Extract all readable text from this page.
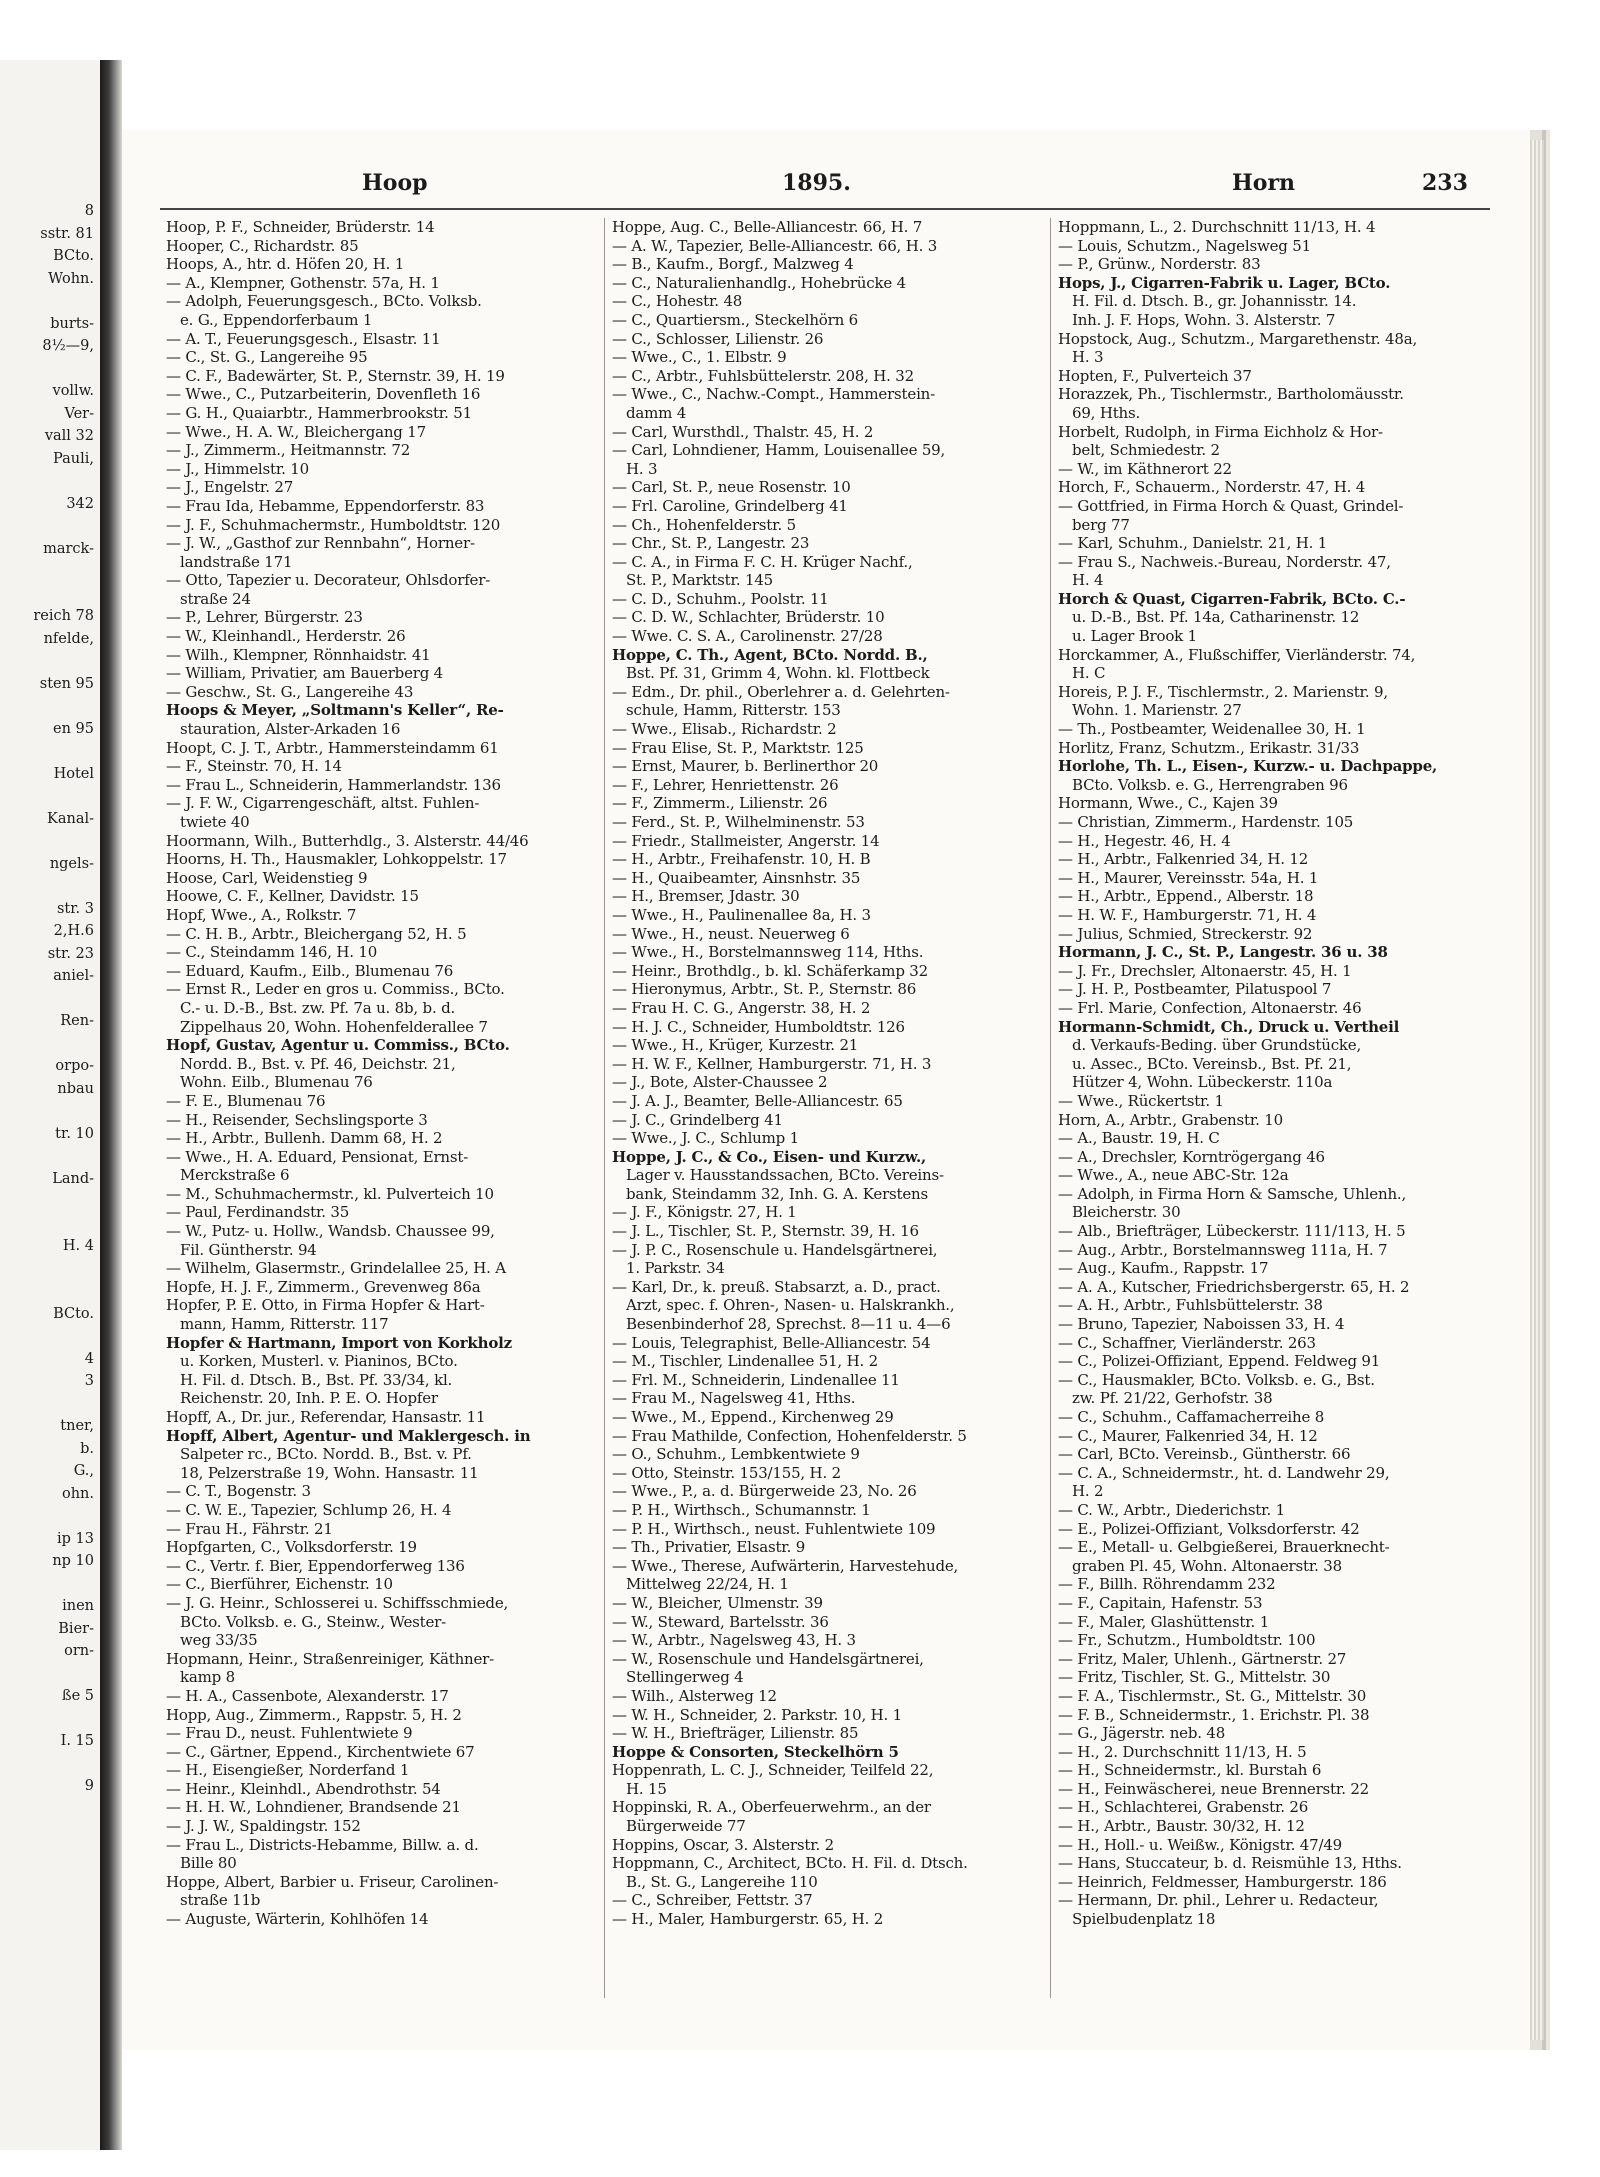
8
sstr. 81
BCto.
Wohn.
burts-
8½—9,
vollw.
Ver-
vall 32
Pauli,
342
marck-
reich 78
nfelde,
sten 95
en 95
Hotel
Kanal-
ngels-
str. 3
2,H.6
str. 23
aniel-
Ren-
orpo-
nbau
tr. 10
Land-
H. 4
BCto.
4
3
tner,
b.
G.,
ohn.
ip 13
np 10
inen
Bier-
orn-
ße 5
I. 15
9
Hoop	1895.	Horn	233
Hoop, P. F., Schneider, Brüderstr. 14
Hooper, C., Richardstr. 85
Hoops, A., htr. d. Höfen 20, H. 1
— A., Klempner, Gothenstr. 57a, H. 1
— Adolph, Feuerungsgesch., BCto. Volksb.
e. G., Eppendorferbaum 1
— A. T., Feuerungsgesch., Elsastr. 11
— C., St. G., Langereihe 95
— C. F., Badewärter, St. P., Sternstr. 39, H. 19
— Wwe., C., Putzarbeiterin, Dovenfleth 16
— G. H., Quaiarbtr., Hammerbrookstr. 51
— Wwe., H. A. W., Bleichergang 17
— J., Zimmerm., Heitmannstr. 72
— J., Himmelstr. 10
— J., Engelstr. 27
— Frau Ida, Hebamme, Eppendorferstr. 83
— J. F., Schuhmachermstr., Humboldtstr. 120
— J. W., „Gasthof zur Rennbahn“, Horner-
landstraße 171
— Otto, Tapezier u. Decorateur, Ohlsdorfer-
straße 24
— P., Lehrer, Bürgerstr. 23
— W., Kleinhandl., Herderstr. 26
— Wilh., Klempner, Rönnhaidstr. 41
— William, Privatier, am Bauerberg 4
— Geschw., St. G., Langereihe 43
Hoops & Meyer, „Soltmann's Keller“, Re-
stauration, Alster-Arkaden 16
Hoopt, C. J. T., Arbtr., Hammersteindamm 61
— F., Steinstr. 70, H. 14
— Frau L., Schneiderin, Hammerlandstr. 136
— J. F. W., Cigarrengeschäft, altst. Fuhlen-
twiete 40
Hoormann, Wilh., Butterhdlg., 3. Alsterstr. 44/46
Hoorns, H. Th., Hausmakler, Lohkoppelstr. 17
Hoose, Carl, Weidenstieg 9
Hoowe, C. F., Kellner, Davidstr. 15
Hopf, Wwe., A., Rolkstr. 7
— C. H. B., Arbtr., Bleichergang 52, H. 5
— C., Steindamm 146, H. 10
— Eduard, Kaufm., Eilb., Blumenau 76
— Ernst R., Leder en gros u. Commiss., BCto.
C.- u. D.-B., Bst. zw. Pf. 7a u. 8b, b. d.
Zippelhaus 20, Wohn. Hohenfelderallee 7
Hopf, Gustav, Agentur u. Commiss., BCto.
Nordd. B., Bst. v. Pf. 46, Deichstr. 21,
Wohn. Eilb., Blumenau 76
— F. E., Blumenau 76
— H., Reisender, Sechslingsporte 3
— H., Arbtr., Bullenh. Damm 68, H. 2
— Wwe., H. A. Eduard, Pensionat, Ernst-
Merckstraße 6
— M., Schuhmachermstr., kl. Pulverteich 10
— Paul, Ferdinandstr. 35
— W., Putz- u. Hollw., Wandsb. Chaussee 99,
Fil. Güntherstr. 94
— Wilhelm, Glasermstr., Grindelallee 25, H. A
Hopfe, H. J. F., Zimmerm., Grevenweg 86a
Hopfer, P. E. Otto, in Firma Hopfer & Hart-
mann, Hamm, Ritterstr. 117
Hopfer & Hartmann, Import von Korkholz
u. Korken, Musterl. v. Pianinos, BCto.
H. Fil. d. Dtsch. B., Bst. Pf. 33/34, kl.
Reichenstr. 20, Inh. P. E. O. Hopfer
Hopff, A., Dr. jur., Referendar, Hansastr. 11
Hopff, Albert, Agentur- und Maklergesch. in
Salpeter rc., BCto. Nordd. B., Bst. v. Pf.
18, Pelzerstraße 19, Wohn. Hansastr. 11
— C. T., Bogenstr. 3
— C. W. E., Tapezier, Schlump 26, H. 4
— Frau H., Fährstr. 21
Hopfgarten, C., Volksdorferstr. 19
— C., Vertr. f. Bier, Eppendorferweg 136
— C., Bierführer, Eichenstr. 10
— J. G. Heinr., Schlosserei u. Schiffsschmiede,
BCto. Volksb. e. G., Steinw., Wester-
weg 33/35
Hopmann, Heinr., Straßenreiniger, Käthner-
kamp 8
— H. A., Cassenbote, Alexanderstr. 17
Hopp, Aug., Zimmerm., Rappstr. 5, H. 2
— Frau D., neust. Fuhlentwiete 9
— C., Gärtner, Eppend., Kirchentwiete 67
— H., Eisengießer, Norderfand 1
— Heinr., Kleinhdl., Abendrothstr. 54
— H. H. W., Lohndiener, Brandsende 21
— J. J. W., Spaldingstr. 152
— Frau L., Districts-Hebamme, Billw. a. d.
Bille 80
Hoppe, Albert, Barbier u. Friseur, Carolinen-
straße 11b
— Auguste, Wärterin, Kohlhöfen 14
Hoppe, Aug. C., Belle-Alliancestr. 66, H. 7
— A. W., Tapezier, Belle-Alliancestr. 66, H. 3
— B., Kaufm., Borgf., Malzweg 4
— C., Naturalienhandlg., Hohebrücke 4
— C., Hohestr. 48
— C., Quartiersm., Steckelhörn 6
— C., Schlosser, Lilienstr. 26
— Wwe., C., 1. Elbstr. 9
— C., Arbtr., Fuhlsbüttelerstr. 208, H. 32
— Wwe., C., Nachw.-Compt., Hammerstein-
damm 4
— Carl, Wursthdl., Thalstr. 45, H. 2
— Carl, Lohndiener, Hamm, Louisenallee 59,
H. 3
— Carl, St. P., neue Rosenstr. 10
— Frl. Caroline, Grindelberg 41
— Ch., Hohenfelderstr. 5
— Chr., St. P., Langestr. 23
— C. A., in Firma F. C. H. Krüger Nachf.,
St. P., Marktstr. 145
— C. D., Schuhm., Poolstr. 11
— C. D. W., Schlachter, Brüderstr. 10
— Wwe. C. S. A., Carolinenstr. 27/28
Hoppe, C. Th., Agent, BCto. Nordd. B.,
Bst. Pf. 31, Grimm 4, Wohn. kl. Flottbeck
— Edm., Dr. phil., Oberlehrer a. d. Gelehrten-
schule, Hamm, Ritterstr. 153
— Wwe., Elisab., Richardstr. 2
— Frau Elise, St. P., Marktstr. 125
— Ernst, Maurer, b. Berlinerthor 20
— F., Lehrer, Henriettenstr. 26
— F., Zimmerm., Lilienstr. 26
— Ferd., St. P., Wilhelminenstr. 53
— Friedr., Stallmeister, Angerstr. 14
— H., Arbtr., Freihafenstr. 10, H. B
— H., Quaibeamter, Ainsnhstr. 35
— H., Bremser, Jdastr. 30
— Wwe., H., Paulinenallee 8a, H. 3
— Wwe., H., neust. Neuerweg 6
— Wwe., H., Borstelmannsweg 114, Hths.
— Heinr., Brothdlg., b. kl. Schäferkamp 32
— Hieronymus, Arbtr., St. P., Sternstr. 86
— Frau H. C. G., Angerstr. 38, H. 2
— H. J. C., Schneider, Humboldtstr. 126
— Wwe., H., Krüger, Kurzestr. 21
— H. W. F., Kellner, Hamburgerstr. 71, H. 3
— J., Bote, Alster-Chaussee 2
— J. A. J., Beamter, Belle-Alliancestr. 65
— J. C., Grindelberg 41
— Wwe., J. C., Schlump 1
Hoppe, J. C., & Co., Eisen- und Kurzw.,
Lager v. Hausstandssachen, BCto. Vereins-
bank, Steindamm 32, Inh. G. A. Kerstens
— J. F., Königstr. 27, H. 1
— J. L., Tischler, St. P., Sternstr. 39, H. 16
— J. P. C., Rosenschule u. Handelsgärtnerei,
1. Parkstr. 34
— Karl, Dr., k. preuß. Stabsarzt, a. D., pract.
Arzt, spec. f. Ohren-, Nasen- u. Halskrankh.,
Besenbinderhof 28, Sprechst. 8—11 u. 4—6
— Louis, Telegraphist, Belle-Alliancestr. 54
— M., Tischler, Lindenallee 51, H. 2
— Frl. M., Schneiderin, Lindenallee 11
— Frau M., Nagelsweg 41, Hths.
— Wwe., M., Eppend., Kirchenweg 29
— Frau Mathilde, Confection, Hohenfelderstr. 5
— O., Schuhm., Lembkentwiete 9
— Otto, Steinstr. 153/155, H. 2
— Wwe., P., a. d. Bürgerweide 23, No. 26
— P. H., Wirthsch., Schumannstr. 1
— P. H., Wirthsch., neust. Fuhlentwiete 109
— Th., Privatier, Elsastr. 9
— Wwe., Therese, Aufwärterin, Harvestehude,
Mittelweg 22/24, H. 1
— W., Bleicher, Ulmenstr. 39
— W., Steward, Bartelsstr. 36
— W., Arbtr., Nagelsweg 43, H. 3
— W., Rosenschule und Handelsgärtnerei,
Stellingerweg 4
— Wilh., Alsterweg 12
— W. H., Schneider, 2. Parkstr. 10, H. 1
— W. H., Briefträger, Lilienstr. 85
Hoppe & Consorten, Steckelhörn 5
Hoppenrath, L. C. J., Schneider, Teilfeld 22,
H. 15
Hoppinski, R. A., Oberfeuerwehrm., an der
Bürgerweide 77
Hoppins, Oscar, 3. Alsterstr. 2
Hoppmann, C., Architect, BCto. H. Fil. d. Dtsch.
B., St. G., Langereihe 110
— C., Schreiber, Fettstr. 37
— H., Maler, Hamburgerstr. 65, H. 2
Hoppmann, L., 2. Durchschnitt 11/13, H. 4
— Louis, Schutzm., Nagelsweg 51
— P., Grünw., Norderstr. 83
Hops, J., Cigarren-Fabrik u. Lager, BCto.
H. Fil. d. Dtsch. B., gr. Johannisstr. 14.
Inh. J. F. Hops, Wohn. 3. Alsterstr. 7
Hopstock, Aug., Schutzm., Margarethenstr. 48a,
H. 3
Hopten, F., Pulverteich 37
Horazzek, Ph., Tischlermstr., Bartholomäusstr.
69, Hths.
Horbelt, Rudolph, in Firma Eichholz & Hor-
belt, Schmiedestr. 2
— W., im Käthnerort 22
Horch, F., Schauerm., Norderstr. 47, H. 4
— Gottfried, in Firma Horch & Quast, Grindel-
berg 77
— Karl, Schuhm., Danielstr. 21, H. 1
— Frau S., Nachweis.-Bureau, Norderstr. 47,
H. 4
Horch & Quast, Cigarren-Fabrik, BCto. C.-
u. D.-B., Bst. Pf. 14a, Catharinenstr. 12
u. Lager Brook 1
Horckammer, A., Flußschiffer, Vierländerstr. 74,
H. C
Horeis, P. J. F., Tischlermstr., 2. Marienstr. 9,
Wohn. 1. Marienstr. 27
— Th., Postbeamter, Weidenallee 30, H. 1
Horlitz, Franz, Schutzm., Erikastr. 31/33
Horlohe, Th. L., Eisen-, Kurzw.- u. Dachpappe,
BCto. Volksb. e. G., Herrengraben 96
Hormann, Wwe., C., Kajen 39
— Christian, Zimmerm., Hardenstr. 105
— H., Hegestr. 46, H. 4
— H., Arbtr., Falkenried 34, H. 12
— H., Maurer, Vereinsstr. 54a, H. 1
— H., Arbtr., Eppend., Alberstr. 18
— H. W. F., Hamburgerstr. 71, H. 4
— Julius, Schmied, Streckerstr. 92
Hormann, J. C., St. P., Langestr. 36 u. 38
— J. Fr., Drechsler, Altonaerstr. 45, H. 1
— J. H. P., Postbeamter, Pilatuspool 7
— Frl. Marie, Confection, Altonaerstr. 46
Hormann-Schmidt, Ch., Druck u. Vertheil
d. Verkaufs-Beding. über Grundstücke,
u. Assec., BCto. Vereinsb., Bst. Pf. 21,
Hützer 4, Wohn. Lübeckerstr. 110a
— Wwe., Rückertstr. 1
Horn, A., Arbtr., Grabenstr. 10
— A., Baustr. 19, H. C
— A., Drechsler, Korntrögergang 46
— Wwe., A., neue ABC-Str. 12a
— Adolph, in Firma Horn & Samsche, Uhlenh.,
Bleicherstr. 30
— Alb., Briefträger, Lübeckerstr. 111/113, H. 5
— Aug., Arbtr., Borstelmannsweg 111a, H. 7
— Aug., Kaufm., Rappstr. 17
— A. A., Kutscher, Friedrichsbergerstr. 65, H. 2
— A. H., Arbtr., Fuhlsbüttelerstr. 38
— Bruno, Tapezier, Naboissen 33, H. 4
— C., Schaffner, Vierländerstr. 263
— C., Polizei-Offiziant, Eppend. Feldweg 91
— C., Hausmakler, BCto. Volksb. e. G., Bst.
zw. Pf. 21/22, Gerhofstr. 38
— C., Schuhm., Caffamacherreihe 8
— C., Maurer, Falkenried 34, H. 12
— Carl, BCto. Vereinsb., Güntherstr. 66
— C. A., Schneidermstr., ht. d. Landwehr 29,
H. 2
— C. W., Arbtr., Diederichstr. 1
— E., Polizei-Offiziant, Volksdorferstr. 42
— E., Metall- u. Gelbgießerei, Brauerknecht-
graben Pl. 45, Wohn. Altonaerstr. 38
— F., Billh. Röhrendamm 232
— F., Capitain, Hafenstr. 53
— F., Maler, Glashüttenstr. 1
— Fr., Schutzm., Humboldtstr. 100
— Fritz, Maler, Uhlenh., Gärtnerstr. 27
— Fritz, Tischler, St. G., Mittelstr. 30
— F. A., Tischlermstr., St. G., Mittelstr. 30
— F. B., Schneidermstr., 1. Erichstr. Pl. 38
— G., Jägerstr. neb. 48
— H., 2. Durchschnitt 11/13, H. 5
— H., Schneidermstr., kl. Burstah 6
— H., Feinwäscherei, neue Brennerstr. 22
— H., Schlachterei, Grabenstr. 26
— H., Arbtr., Baustr. 30/32, H. 12
— H., Holl.- u. Weißw., Königstr. 47/49
— Hans, Stuccateur, b. d. Reismühle 13, Hths.
— Heinrich, Feldmesser, Hamburgerstr. 186
— Hermann, Dr. phil., Lehrer u. Redacteur,
Spielbudenplatz 18
